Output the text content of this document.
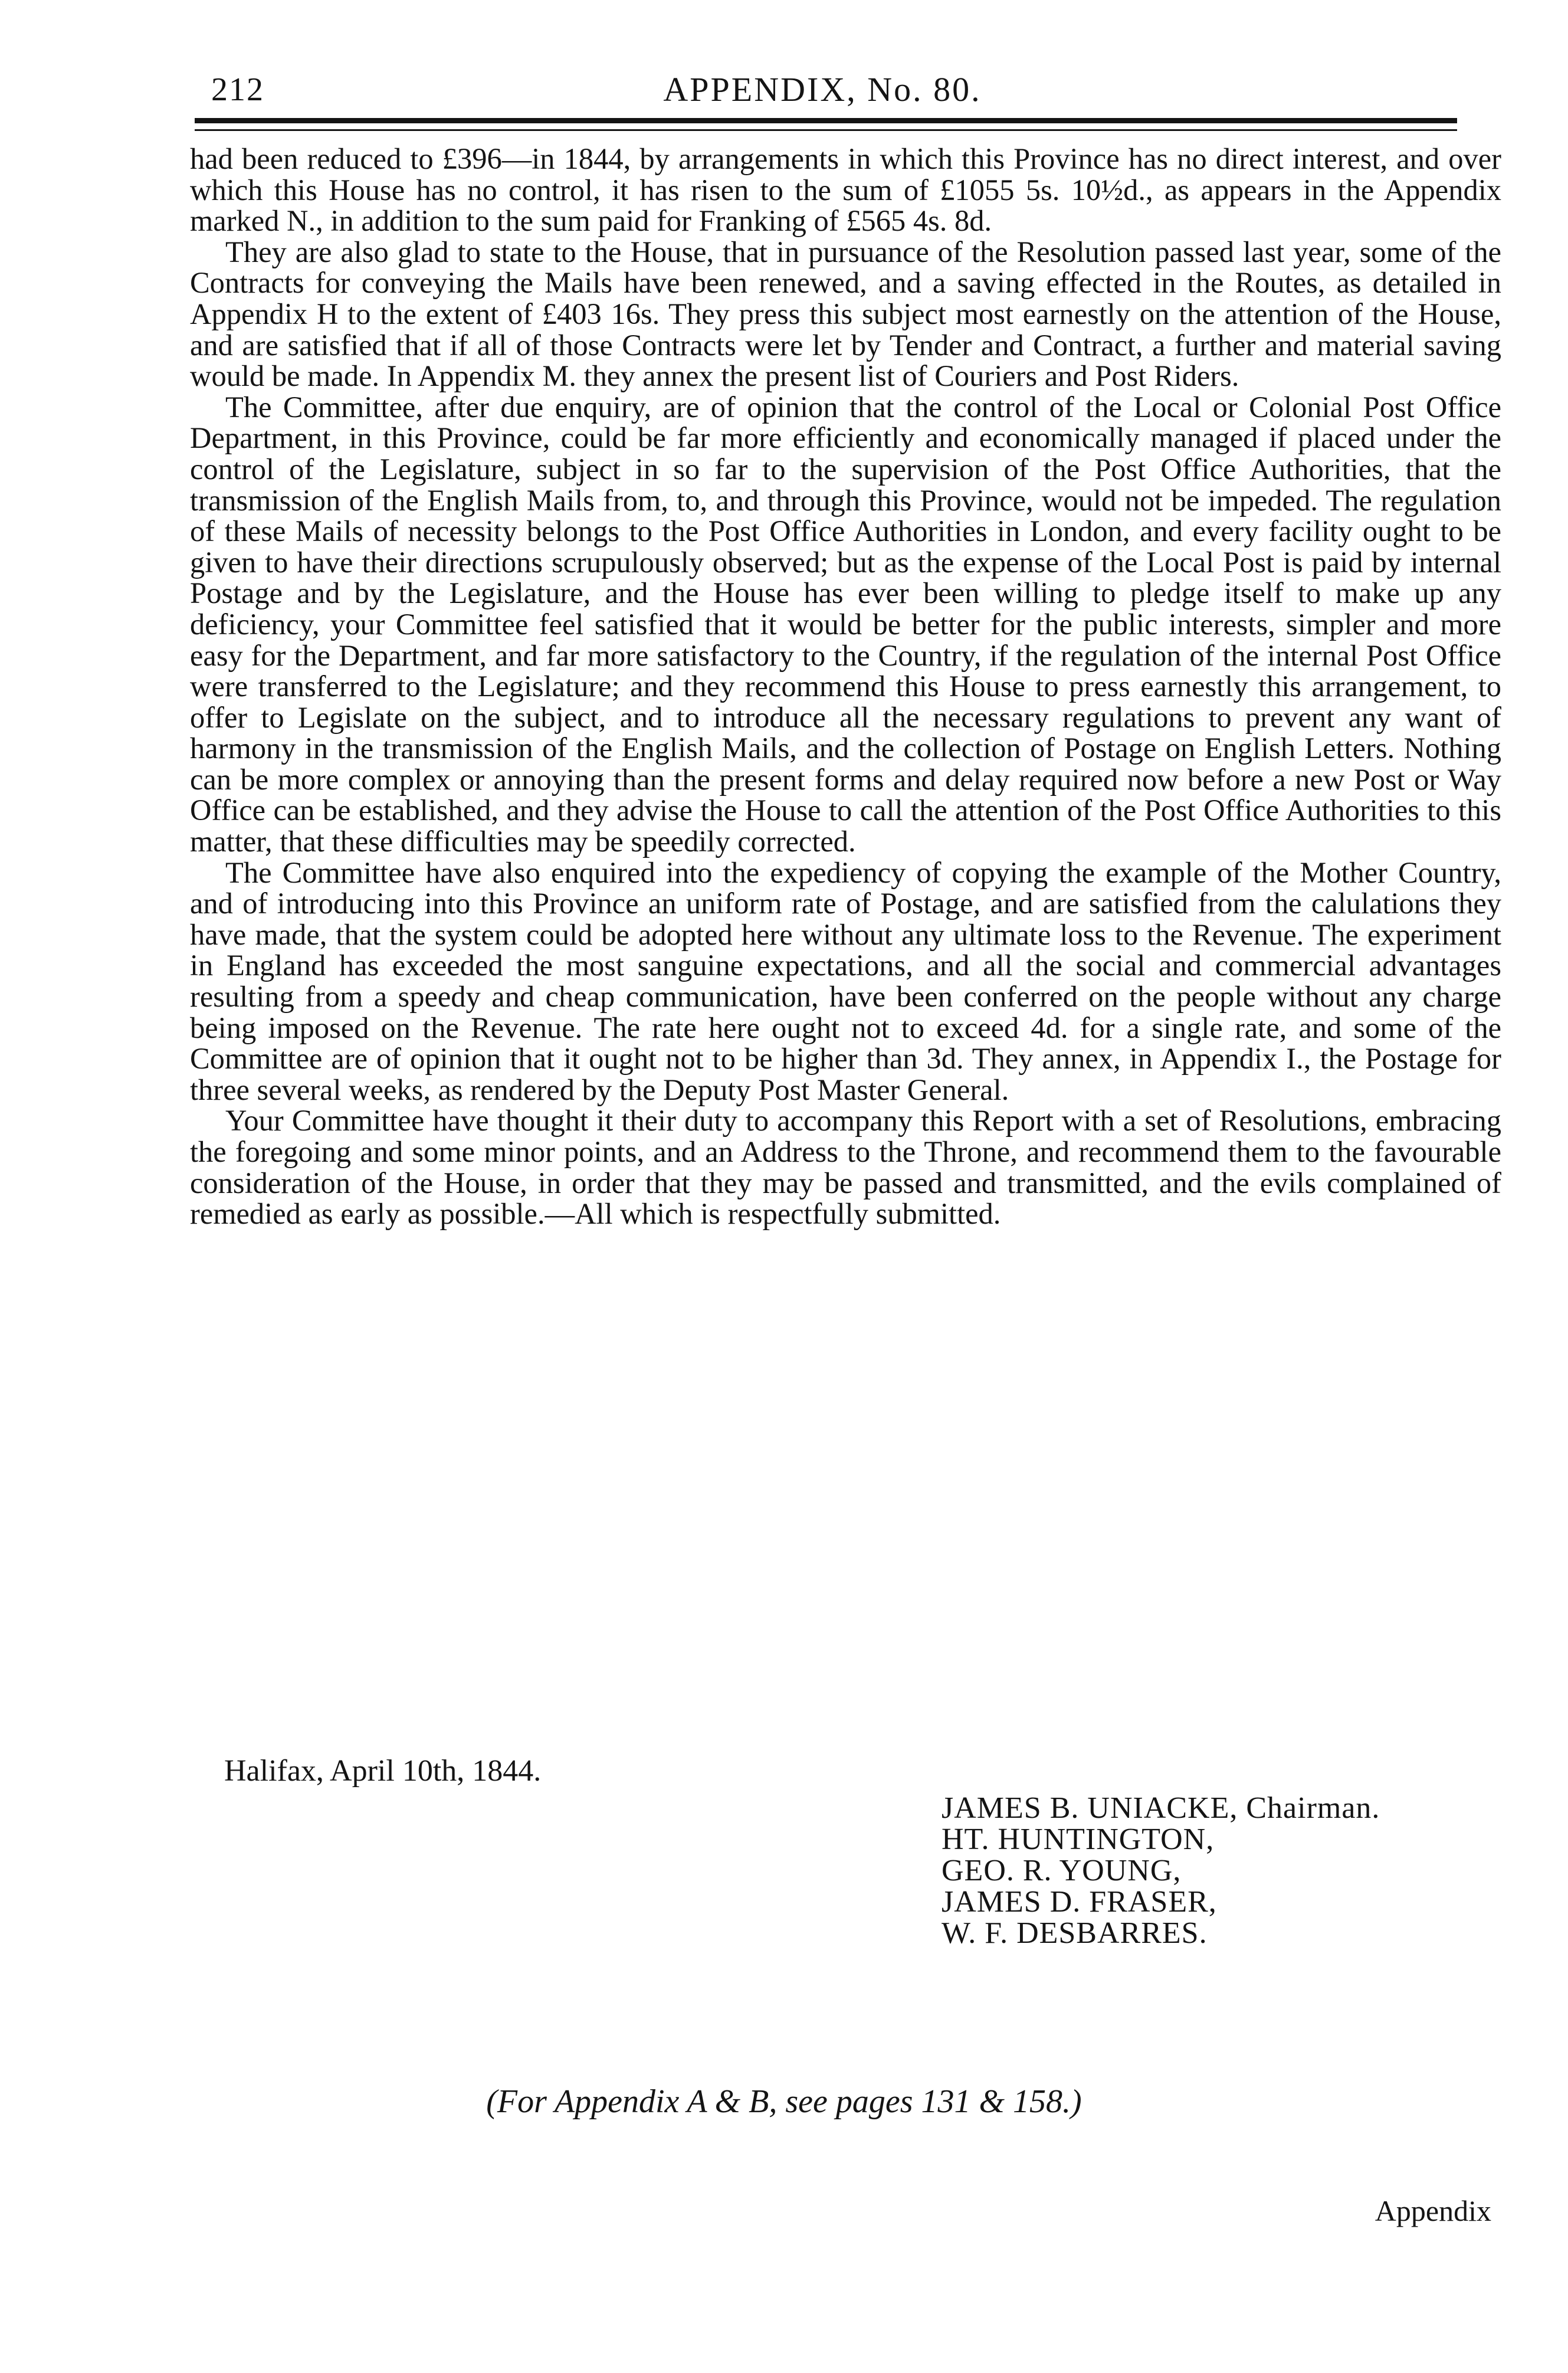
212	APPENDIX, No. 80.

had been reduced to £396—in 1844, by arrangements in which this Province has no direct interest, and over which this House has no control, it has risen to the sum of £1055 5s. 10½d., as appears in the Appendix marked N., in addition to the sum paid for Franking of £565 4s. 8d.

They are also glad to state to the House, that in pursuance of the Resolution passed last year, some of the Contracts for conveying the Mails have been renewed, and a saving effected in the Routes, as detailed in Appendix H to the extent of £403 16s. They press this subject most earnestly on the attention of the House, and are satisfied that if all of those Contracts were let by Tender and Contract, a further and material saving would be made. In Appendix M. they annex the present list of Couriers and Post Riders.

The Committee, after due enquiry, are of opinion that the control of the Local or Colonial Post Office Department, in this Province, could be far more efficiently and economically managed if placed under the control of the Legislature, subject in so far to the supervision of the Post Office Authorities, that the transmission of the English Mails from, to, and through this Province, would not be impeded. The regulation of these Mails of necessity belongs to the Post Office Authorities in London, and every facility ought to be given to have their directions scrupulously observed; but as the expense of the Local Post is paid by internal Postage and by the Legislature, and the House has ever been willing to pledge itself to make up any deficiency, your Committee feel satisfied that it would be better for the public interests, simpler and more easy for the Department, and far more satisfactory to the Country, if the regulation of the internal Post Office were transferred to the Legislature; and they recommend this House to press earnestly this arrangement, to offer to Legislate on the subject, and to introduce all the necessary regulations to prevent any want of harmony in the transmission of the English Mails, and the collection of Postage on English Letters. Nothing can be more complex or annoying than the present forms and delay required now before a new Post or Way Office can be established, and they advise the House to call the attention of the Post Office Authorities to this matter, that these difficulties may be speedily corrected.

The Committee have also enquired into the expediency of copying the example of the Mother Country, and of introducing into this Province an uniform rate of Postage, and are satisfied from the calulations they have made, that the system could be adopted here without any ultimate loss to the Revenue. The experiment in England has exceeded the most sanguine expectations, and all the social and commercial advantages resulting from a speedy and cheap communication, have been conferred on the people without any charge being imposed on the Revenue. The rate here ought not to exceed 4d. for a single rate, and some of the Committee are of opinion that it ought not to be higher than 3d. They annex, in Appendix I., the Postage for three several weeks, as rendered by the Deputy Post Master General.

Your Committee have thought it their duty to accompany this Report with a set of Resolutions, embracing the foregoing and some minor points, and an Address to the Throne, and recommend them to the favourable consideration of the House, in order that they may be passed and transmitted, and the evils complained of remedied as early as possible.—All which is respectfully submitted.

Halifax, April 10th, 1844.
JAMES B. UNIACKE, Chairman.
HT. HUNTINGTON,
GEO. R. YOUNG,
JAMES D. FRASER,
W. F. DESBARRES.
(For Appendix A & B, see pages 131 & 158.)
Appendix
